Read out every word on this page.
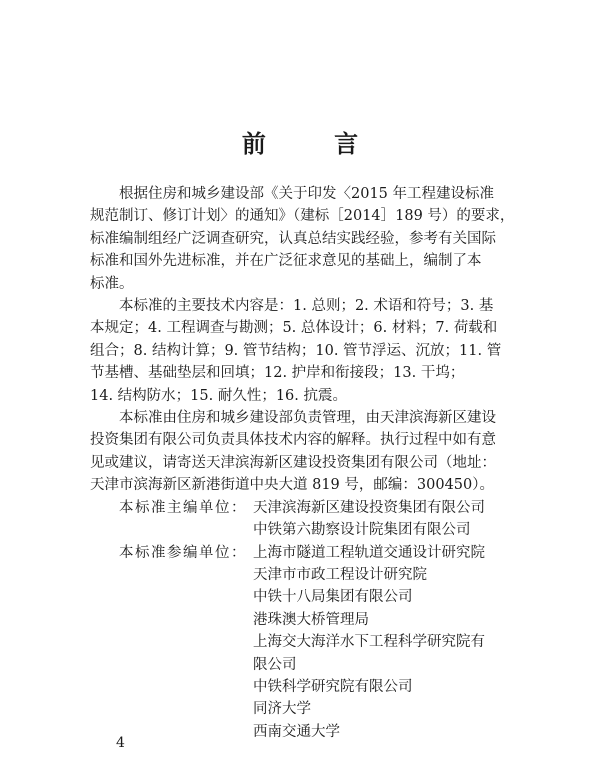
前 言

根据住房和城乡建设部《关于印发〈2015 年工程建设标准
规范制订、修订计划〉的通知》（建标［2014］189 号）的要求，
标准编制组经广泛调查研究，认真总结实践经验，参考有关国际
标准和国外先进标准，并在广泛征求意见的基础上，编制了本
标准。

本标准的主要技术内容是：1. 总则；2. 术语和符号；3. 基
本规定；4. 工程调查与勘测；5. 总体设计；6. 材料；7. 荷载和
组合；8. 结构计算；9. 管节结构；10. 管节浮运、沉放；11. 管
节基槽、基础垫层和回填；12. 护岸和衔接段；13. 干坞；
14. 结构防水；15. 耐久性；16. 抗震。

本标准由住房和城乡建设部负责管理，由天津滨海新区建设
投资集团有限公司负责具体技术内容的解释。执行过程中如有意
见或建议，请寄送天津滨海新区建设投资集团有限公司（地址：
天津市滨海新区新港街道中央大道 819 号，邮编：300450）。

本标准主编单位： 天津滨海新区建设投资集团有限公司
中铁第六勘察设计院集团有限公司
本标准参编单位： 上海市隧道工程轨道交通设计研究院
天津市市政工程设计研究院
中铁十八局集团有限公司
港珠澳大桥管理局
上海交大海洋水下工程科学研究院有
限公司
中铁科学研究院有限公司
同济大学
西南交通大学
4
